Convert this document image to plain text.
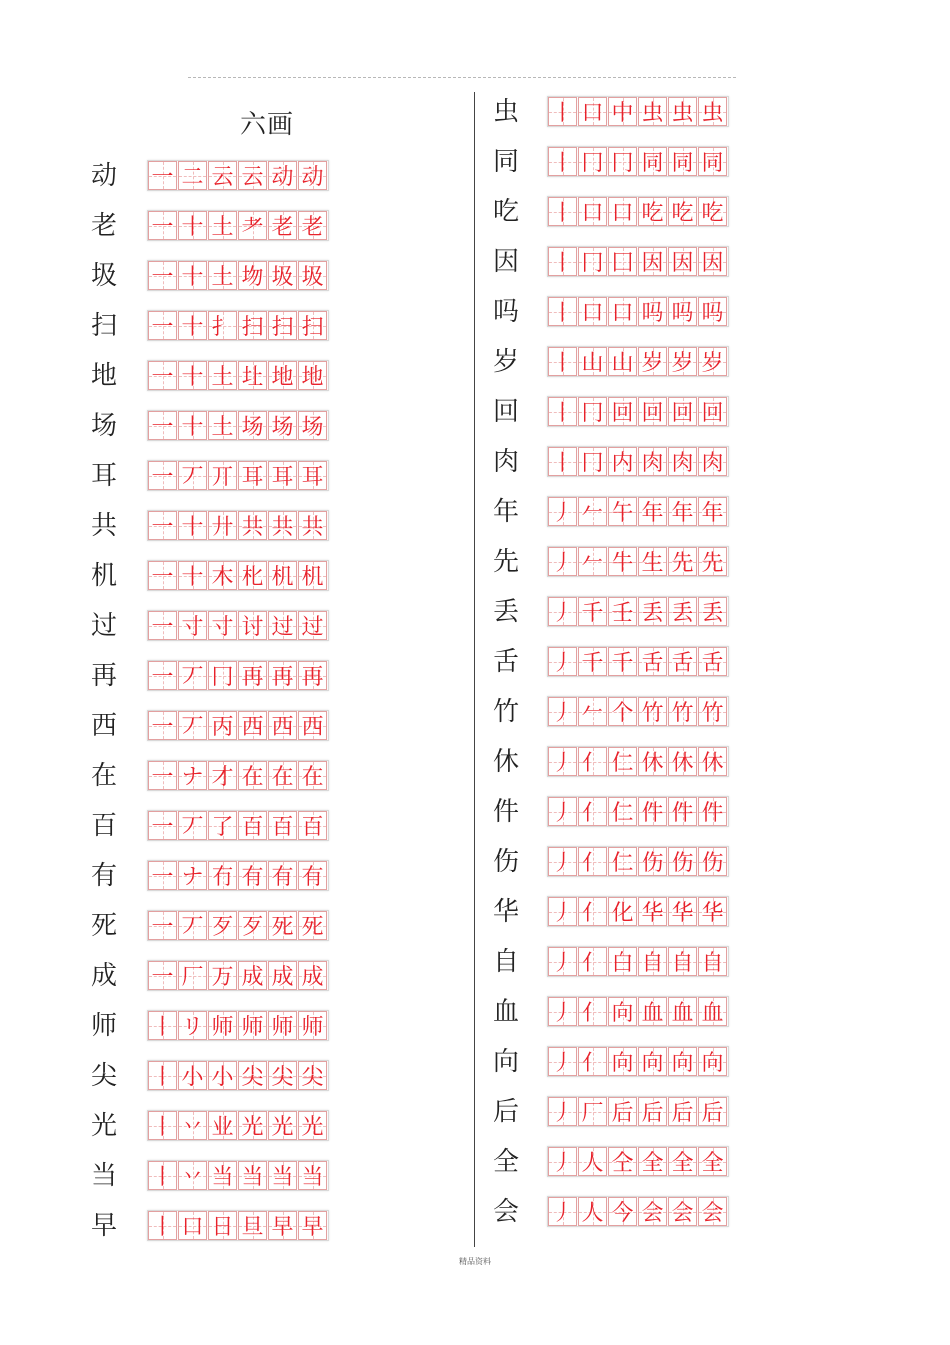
六画
动 一 二 云 云 动 动
老 一 十 土 耂 老 老
圾 一 十 土 圽 圾 圾
扫 一 十 扌 扫 扫 扫
地 一 十 土 圵 地 地
场 一 十 土 场 场 场
耳 一 丆 丌 耳 耳 耳
共 一 十 廾 共 共 共
机 一 十 木 朼 机 机
过 一 寸 寸 讨 过 过
再 一 丆 冂 再 再 再
西 一 丆 丙 西 西 西
在 一 ナ 才 在 在 在
百 一 丆 了 百 百 百
有 一 ナ 冇 有 有 有
死 一 丆 歹 歹 死 死
成 一 厂 万 成 成 成
师 丨 リ 师 师 师 师
尖 丨 小 小 尖 尖 尖
光 丨 丷 业 光 光 光
当 丨 丷 当 当 当 当
早 丨 口 日 旦 早 早
虫 丨 口 中 虫 虫 虫
同 丨 冂 冂 同 同 同
吃 丨 口 口 吃 吃 吃
因 丨 冂 囗 因 因 因
吗 丨 口 口 吗 吗 吗
岁 丨 山 山 岁 岁 岁
回 丨 冂 回 回 回 回
肉 丨 冂 内 肉 肉 肉
年 丿 𠂉 午 年 年 年
先 丿 𠂉 牛 生 先 先
丢 丿 千 壬 丢 丢 丢
舌 丿 千 千 舌 舌 舌
竹 丿 𠂉 个 竹 竹 竹
休 丿 亻 仁 休 休 休
件 丿 亻 仁 件 件 件
伤 丿 亻 仁 伤 伤 伤
华 丿 亻 化 华 华 华
自 丿 亻 白 自 自 自
血 丿 亻 向 血 血 血
向 丿 亻 向 向 向 向
后 丿 厂 后 后 后 后
全 丿 人 仝 全 全 全
会 丿 人 今 会 会 会
精品资料
